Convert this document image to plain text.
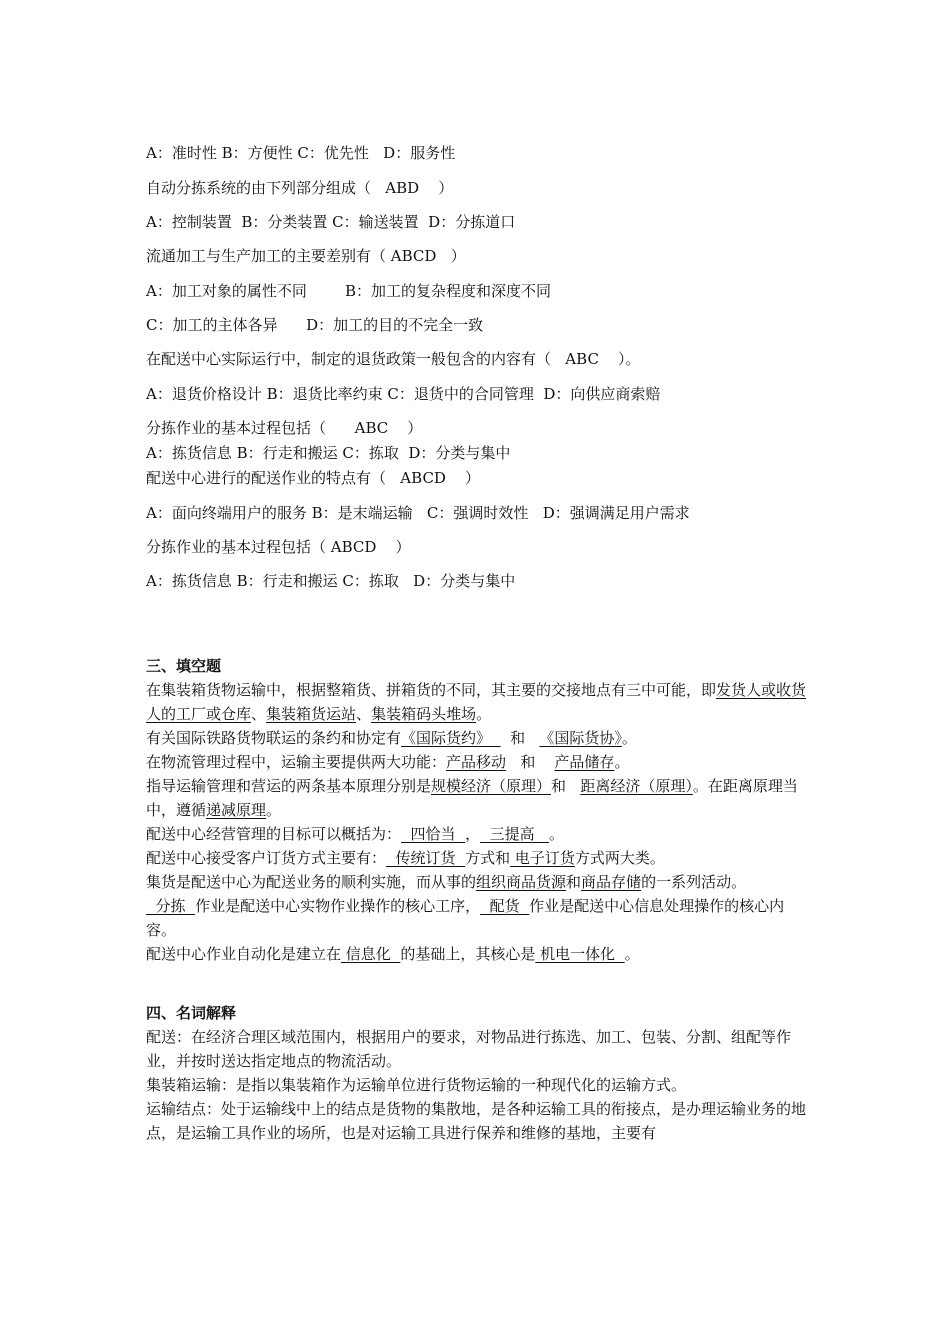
A：准时性 B：方便性 C：优先性   D：服务性
自动分拣系统的由下列部分组成（   ABD    ）
A：控制装置  B：分类装置 C：输送装置  D：分拣道口
流通加工与生产加工的主要差别有（ ABCD   ）
A：加工对象的属性不同        B：加工的复杂程度和深度不同
C：加工的主体各异      D：加工的目的不完全一致
在配送中心实际运行中，制定的退货政策一般包含的内容有（   ABC    ）。
A：退货价格设计 B：退货比率约束 C：退货中的合同管理  D：向供应商索赔
分拣作业的基本过程包括（      ABC    ）
A：拣货信息 B：行走和搬运 C：拣取  D：分类与集中
配送中心进行的配送作业的特点有（   ABCD    ）
A：面向终端用户的服务 B：是末端运输   C：强调时效性   D：强调满足用户需求
分拣作业的基本过程包括（ ABCD    ）
A：拣货信息 B：行走和搬运 C：拣取   D：分类与集中

三、填空题

在集装箱货物运输中，根据整箱货、拼箱货的不同，其主要的交接地点有三中可能，即发货人或收货人的工厂或仓库、集装箱货运站、集装箱码头堆场。

有关国际铁路货物联运的条约和协定有《国际货约》    和   《国际货协》。

在物流管理过程中，运输主要提供两大功能：产品移动   和    产品储存。

指导运输管理和营运的两条基本原理分别是规模经济（原理）和   距离经济（原理）。在距离原理当中，遵循递减原理。

配送中心经营管理的目标可以概括为：  四恰当  ，  三提高   。

配送中心接受客户订货方式主要有：  传统订货  方式和 电子订货方式两大类。

集货是配送中心为配送业务的顺利实施，而从事的组织商品货源和商品存储的一系列活动。

分拣  作业是配送中心实物作业操作的核心工序，  配货  作业是配送中心信息处理操作的核心内容。

配送中心作业自动化是建立在 信息化  的基础上，其核心是 机电一体化  。

四、名词解释

配送：在经济合理区域范围内，根据用户的要求，对物品进行拣选、加工、包装、分割、组配等作业，并按时送达指定地点的物流活动。

集装箱运输：是指以集装箱作为运输单位进行货物运输的一种现代化的运输方式。

运输结点：处于运输线中上的结点是货物的集散地，是各种运输工具的衔接点，是办理运输业务的地点，是运输工具作业的场所，也是对运输工具进行保养和维修的基地，主要有
